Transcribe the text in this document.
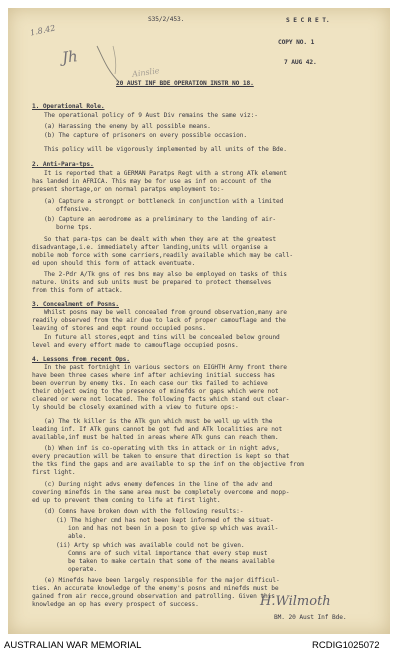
S35/2/453.	S E C R E T.
COPY NO. 1
7 AUG 42.
20 AUST INF BDE OPERATION INSTR NO 18.
1.8.42
Jh
Ainslie
1. Operational Role.
The operational policy of 9 Aust Div remains the same viz:-
(a) Harassing the enemy by all possible means.
(b) The capture of prisoners on every possible occasion.
This policy will be vigorously implemented by all units of the Bde.
2. Anti-Para-tps.
It is reported that a GERMAN Paratps Regt with a strong ATk element
has landed in AFRICA. This may be for use as inf on account of the
present shortage,or on normal paratps employment to:-
(a) Capture a strongpt or bottleneck in conjunction with a limited
offensive.
(b) Capture an aerodrome as a preliminary to the landing of air-
borne tps.
So that para-tps can be dealt with when they are at the greatest
disadvantage,i.e. immediately after landing,units will organise a
mobile mob force with some carriers,readily available which may be call-
ed upon should this form of attack eventuate.
The 2-Pdr A/Tk gns of res bns may also be employed on tasks of this
nature. Units and sub units must be prepared to protect themselves
from this form of attack.
3. Concealment of Posns.
Whilst posns may be well concealed from ground observation,many are
readily observed from the air due to lack of proper camouflage and the
leaving of stores and eqpt round occupied posns.
In future all stores,eqpt and tins will be concealed below ground
level and every effort made to camouflage occupied posns.
4. Lessons from recent Ops.
In the past fortnight in various sectors on EIGHTH Army front there
have been three cases where inf after achieving initial success has
been overrun by enemy tks. In each case our tks failed to achieve
their object owing to the presence of minefds or gaps which were not
cleared or were not located. The following facts which stand out clear-
ly should be closely examined with a view to future ops:-
(a) The tk killer is the ATk gun which must be well up with the
leading inf. If ATk guns cannot be got fwd and ATk localities are not
available,inf must be halted in areas where ATk guns can reach them.
(b) When inf is co-operating with tks in attack or in night advs,
every precaution will be taken to ensure that direction is kept so that
the tks find the gaps and are available to sp the inf on the objective from
first light.
(c) During night advs enemy defences in the line of the adv and
covering minefds in the same area must be completely overcome and mopp-
ed up to prevent them coming to life at first light.
(d) Comns have broken down with the following results:-
(i) The higher cmd has not been kept informed of the situat-
ion and has not been in a posn to give sp which was avail-
able.
(ii) Arty sp which was available could not be given.
Comns are of such vital importance that every step must
be taken to make certain that some of the means available
operate.
(e) Minefds have been largely responsible for the major difficul-
ties. An accurate knowledge of the enemy's posns and minefds must be
gained from air recce,ground observation and patrolling. Given this
knowledge an op has every prospect of success.	H.Wilmoth
BM. 20 Aust Inf Bde.
AUSTRALIAN WAR MEMORIAL	RCDIG1025072
